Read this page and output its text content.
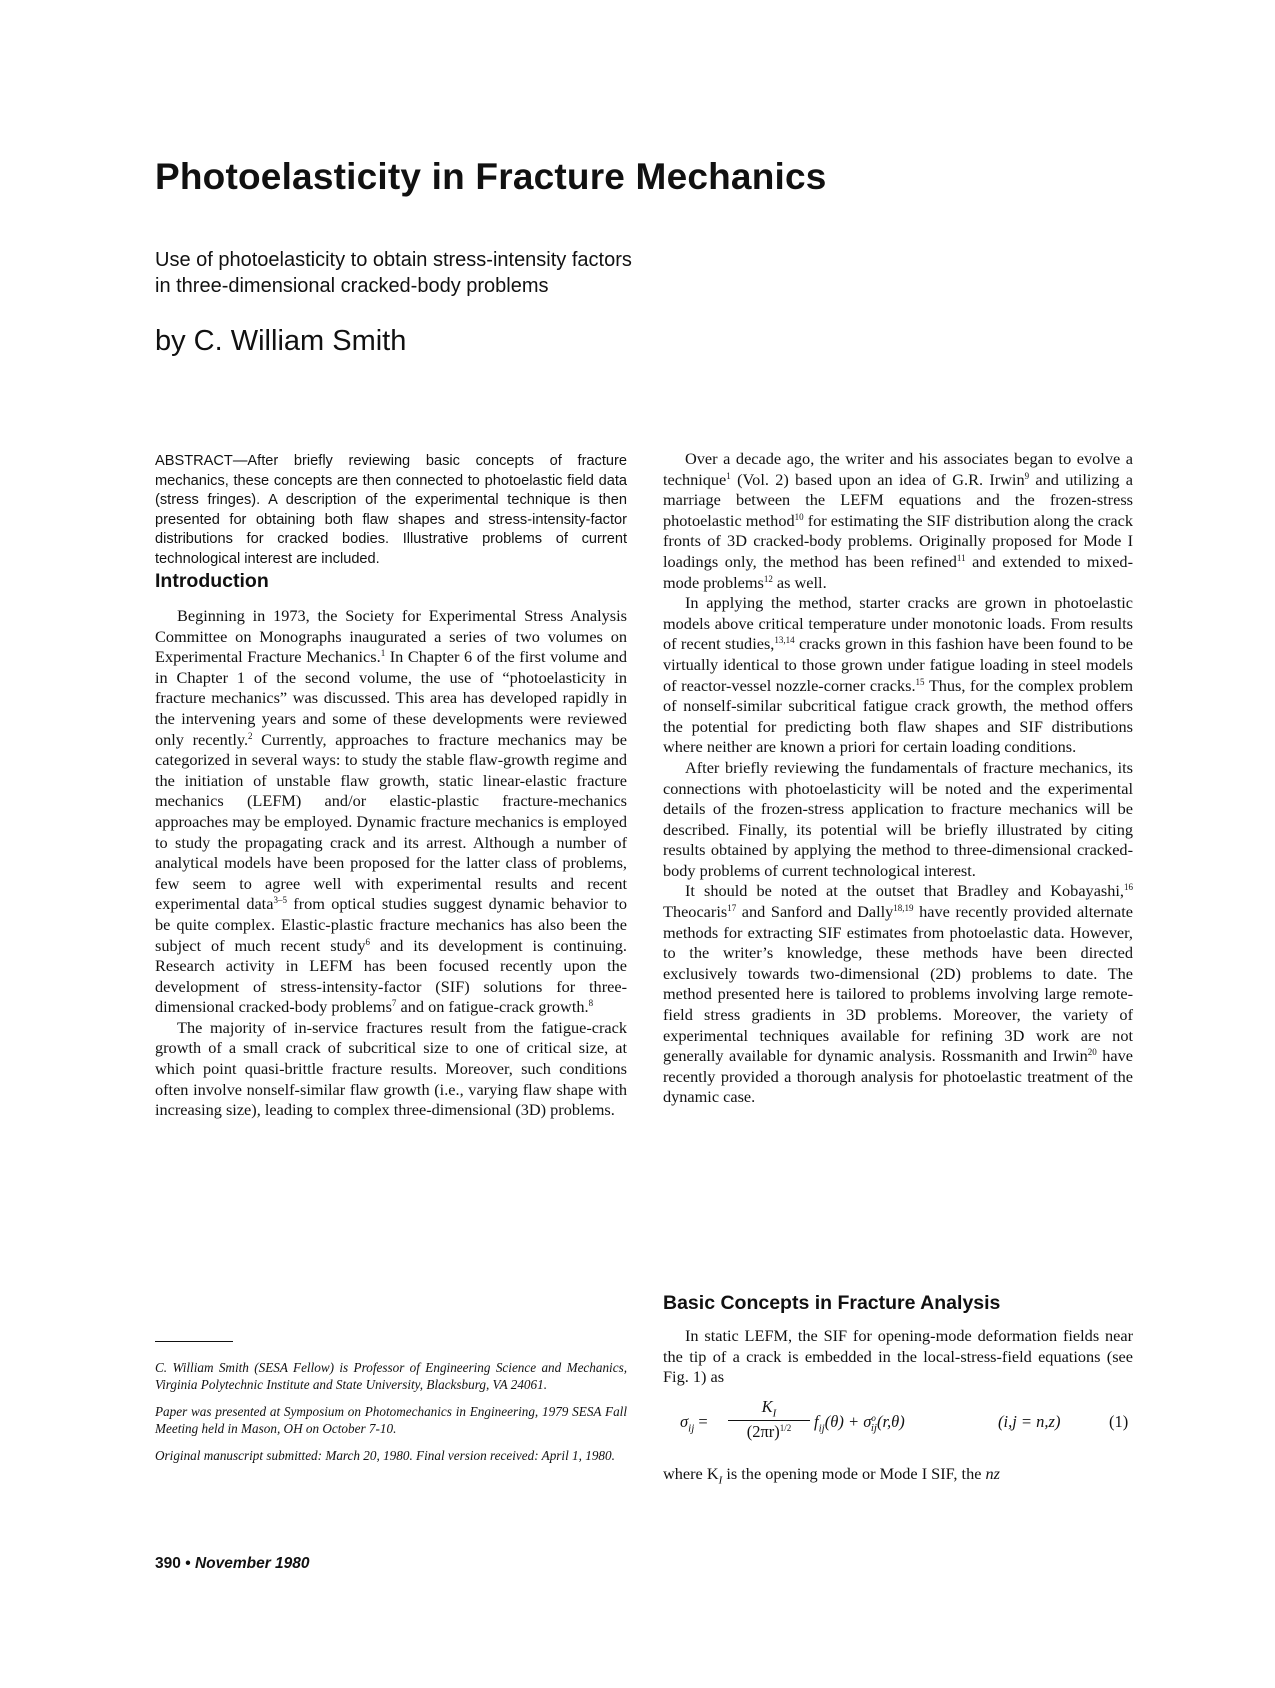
Photoelasticity in Fracture Mechanics
Use of photoelasticity to obtain stress-intensity factors
in three-dimensional cracked-body problems
by C. William Smith

ABSTRACT—After briefly reviewing basic concepts of fracture mechanics, these concepts are then connected to photoelastic field data (stress fringes). A description of the experimental technique is then presented for obtaining both flaw shapes and stress-intensity-factor distributions for cracked bodies. Illustrative problems of current technological interest are included.

Introduction

Beginning in 1973, the Society for Experimental Stress Analysis Committee on Monographs inaugurated a series of two volumes on Experimental Fracture Mechanics.$^1$ In Chapter 6 of the first volume and in Chapter 1 of the second volume, the use of “photoelasticity in fracture mechanics” was discussed. This area has developed rapidly in the intervening years and some of these developments were reviewed only recently.$^2$ Currently, approaches to fracture mechanics may be categorized in several ways: to study the stable flaw-growth regime and the initiation of unstable flaw growth, static linear-elastic fracture mechanics (LEFM) and/or elastic-plastic fracture-mechanics approaches may be employed. Dynamic fracture mechanics is employed to study the propagating crack and its arrest. Although a number of analytical models have been proposed for the latter class of problems, few seem to agree well with experimental results and recent experimental data$^{3-5}$ from optical studies suggest dynamic behavior to be quite complex. Elastic-plastic fracture mechanics has also been the subject of much recent study$^6$ and its development is continuing. Research activity in LEFM has been focused recently upon the development of stress-intensity-factor (SIF) solutions for three-dimensional cracked-body problems$^7$ and on fatigue-crack growth.$^8$

The majority of in-service fractures result from the fatigue-crack growth of a small crack of subcritical size to one of critical size, at which point quasi-brittle fracture results. Moreover, such conditions often involve nonself-similar flaw growth (i.e., varying flaw shape with increasing size), leading to complex three-dimensional (3D) problems.

C. William Smith (SESA Fellow) is Professor of Engineering Science and Mechanics, Virginia Polytechnic Institute and State University, Blacksburg, VA 24061.

Paper was presented at Symposium on Photomechanics in Engineering, 1979 SESA Fall Meeting held in Mason, OH on October 7-10.

Original manuscript submitted: March 20, 1980. Final version received: April 1, 1980.

390 • November 1980

Over a decade ago, the writer and his associates began to evolve a technique$^1$ (Vol. 2) based upon an idea of G.R. Irwin$^9$ and utilizing a marriage between the LEFM equations and the frozen-stress photoelastic method$^{10}$ for estimating the SIF distribution along the crack fronts of 3D cracked-body problems. Originally proposed for Mode I loadings only, the method has been refined$^{11}$ and extended to mixed-mode problems$^{12}$ as well.

In applying the method, starter cracks are grown in photoelastic models above critical temperature under monotonic loads. From results of recent studies,$^{13,14}$ cracks grown in this fashion have been found to be virtually identical to those grown under fatigue loading in steel models of reactor-vessel nozzle-corner cracks.$^{15}$ Thus, for the complex problem of nonself-similar subcritical fatigue crack growth, the method offers the potential for predicting both flaw shapes and SIF distributions where neither are known a priori for certain loading conditions.

After briefly reviewing the fundamentals of fracture mechanics, its connections with photoelasticity will be noted and the experimental details of the frozen-stress application to fracture mechanics will be described. Finally, its potential will be briefly illustrated by citing results obtained by applying the method to three-dimensional cracked-body problems of current technological interest.

It should be noted at the outset that Bradley and Kobayashi,$^{16}$ Theocaris$^{17}$ and Sanford and Dally$^{18,19}$ have recently provided alternate methods for extracting SIF estimates from photoelastic data. However, to the writer’s knowledge, these methods have been directed exclusively towards two-dimensional (2D) problems to date. The method presented here is tailored to problems involving large remote-field stress gradients in 3D problems. Moreover, the variety of experimental techniques available for refining 3D work are not generally available for dynamic analysis. Rossmanith and Irwin$^{20}$ have recently provided a thorough analysis for photoelastic treatment of the dynamic case.

Basic Concepts in Fracture Analysis

In static LEFM, the SIF for opening-mode deformation fields near the tip of a crack is embedded in the local-stress-field equations (see Fig. 1) as

$\sigma_{ij} = \frac{K_I}{(2\pi r)^{1/2}} f_{ij}(\theta) + \sigma^o_{ij}(r,\theta)$	(i,j = n,z)	(1)

where $K_I$ is the opening mode or Mode I SIF, the nz
